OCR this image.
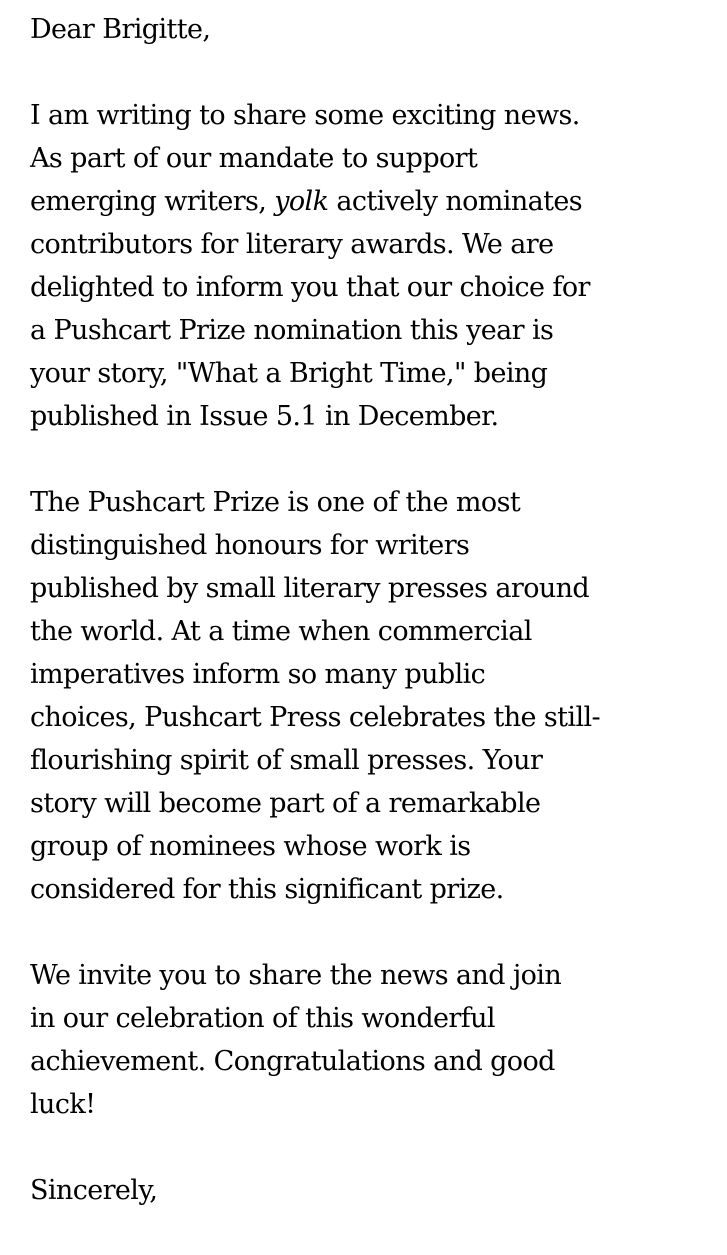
Dear Brigitte,

I am writing to share some exciting news.
As part of our mandate to support
emerging writers, yolk actively nominates
contributors for literary awards. We are
delighted to inform you that our choice for
a Pushcart Prize nomination this year is
your story, "What a Bright Time," being
published in Issue 5.1 in December.

The Pushcart Prize is one of the most
distinguished honours for writers
published by small literary presses around
the world. At a time when commercial
imperatives inform so many public
choices, Pushcart Press celebrates the still-
flourishing spirit of small presses. Your
story will become part of a remarkable
group of nominees whose work is
considered for this significant prize.

We invite you to share the news and join
in our celebration of this wonderful
achievement. Congratulations and good
luck!

Sincerely,
